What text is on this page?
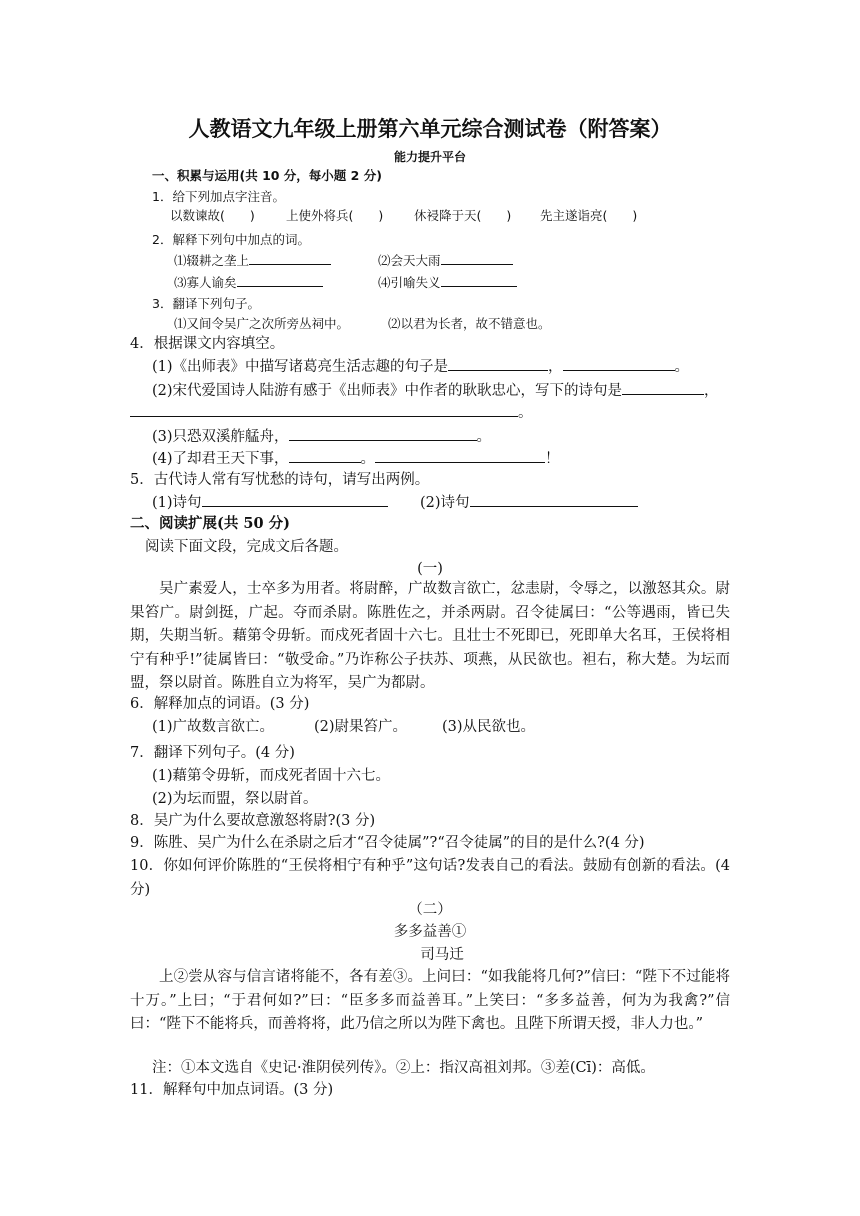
人教语文九年级上册第六单元综合测试卷（附答案）
能力提升平台
一、积累与运用(共 10 分，每小题 2 分)
1．给下列加点字注音。
以数谏故(　　) 上使外将兵(　　) 休祲降于天(　　) 先主遂诣亮(　　)
2．解释下列句中加点的词。
⑴辍耕之垄上	⑵会天大雨
⑶寡人谕矣	⑷引喻失义
3．翻译下列句子。
⑴又间令吴广之次所旁丛祠中。	⑵以君为长者，故不错意也。
4．根据课文内容填空。
(1)《出师表》中描写诸葛亮生活志趣的句子是	，	。
(2)宋代爱国诗人陆游有感于《出师表》中作者的耿耿忠心，写下的诗句是	，
。
(3)只恐双溪舴艋舟，	。
(4)了却君王天下事，	。	！
5．古代诗人常有写忧愁的诗句，请写出两例。
(1)诗句	(2)诗句
二、阅读扩展(共 50 分)
阅读下面文段，完成文后各题。
(一)
吴广素爱人，士卒多为用者。将尉醉，广故数言欲亡，忿恚尉，令辱之，以激怒其众。尉果笞广。尉剑挺，广起。夺而杀尉。陈胜佐之，并杀两尉。召令徒属曰：“公等遇雨，皆已失期，失期当斩。藉第令毋斩。而戍死者固十六七。且壮士不死即已，死即单大名耳，王侯将相宁有种乎!”徒属皆曰：“敬受命。”乃诈称公子扶苏、项燕，从民欲也。袒右，称大楚。为坛而盟，祭以尉首。陈胜自立为将军，吴广为都尉。
6．解释加点的词语。(3 分)
(1)广故数言欲亡。	(2)尉果笞广。 (3)从民欲也。
7．翻译下列句子。(4 分)
(1)藉第令毋斩，而戍死者固十六七。
(2)为坛而盟，祭以尉首。
8．吴广为什么要故意激怒将尉?(3 分)
9．陈胜、吴广为什么在杀尉之后才“召令徒属”?“召令徒属”的目的是什么?(4 分)
10．你如何评价陈胜的“王侯将相宁有种乎”这句话?发表自己的看法。鼓励有创新的看法。(4 分)
（二）
多多益善①
司马迁
上②尝从容与信言诸将能不，各有差③。上问曰：“如我能将几何?”信曰：“陛下不过能将十万。”上曰；“于君何如?”曰：“臣多多而益善耳。”上笑曰：“多多益善，何为为我禽?”信曰：“陛下不能将兵，而善将将，此乃信之所以为陛下禽也。且陛下所谓天授，非人力也。”
注：①本文选自《史记·淮阴侯列传》。②上：指汉高祖刘邦。③差(Cī)：高低。
11．解释句中加点词语。(3 分)
